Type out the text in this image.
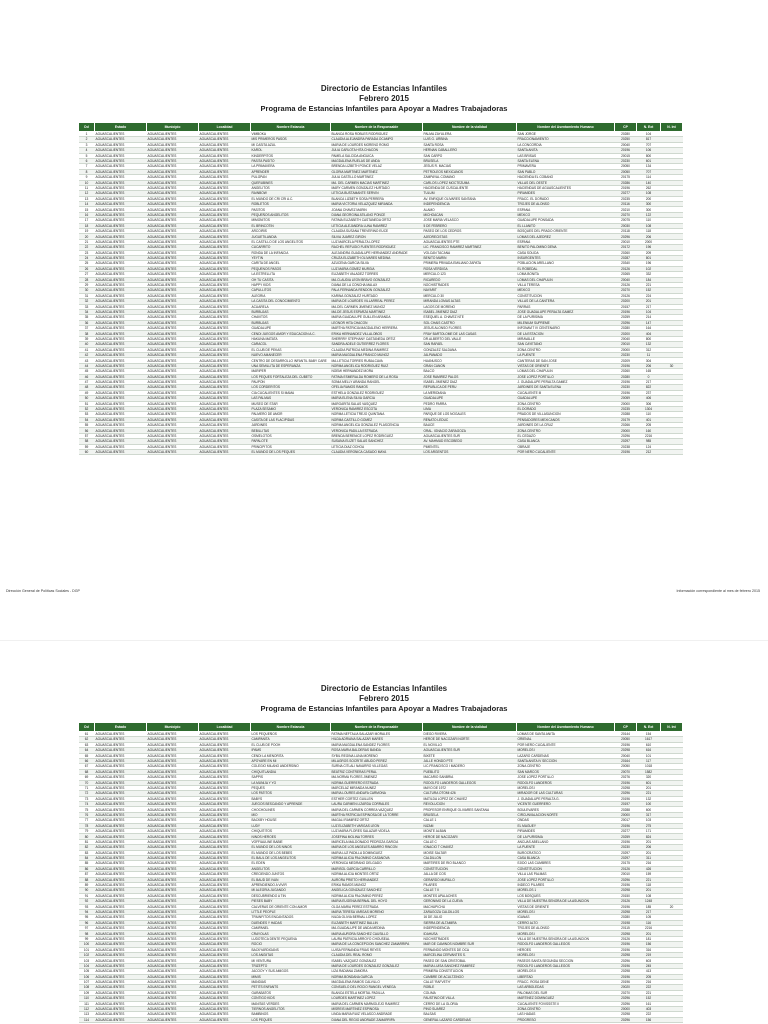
Directorio de Estancias Infantiles
Febrero 2015
Programa de Estancias Infantiles para Apoyar a Madres Trabajadoras
Cvl	Estado	Municipio	Localidad	Nombre Estancia	Nombre de la Responsable	Nombre de la vialidad	Nombre del Asentamiento Humano	CP	N. Ext	N. Int
1	AGUASCALIENTES	AGUASCALIENTES	AGUASCALIENTES	VIMBOKA	BLANCA ROSA ROBLES RODRIGUEZ	PALMA ZAYULERA	SAN JORGE	20280	104	
2	AGUASCALIENTES	AGUASCALIENTES	AGUASCALIENTES	MIS PRIMEROS PASOS	CLAUDIA ALEJANDRA PARADA OCAMPO	LUIS G. URBINA	FRACCIONAMIENTO	20250	817	
3	AGUASCALIENTES	AGUASCALIENTES	AGUASCALIENTES	MI CASITA AZUL	MARIA DE LOURDES MORENO ROMO	SANTA ROSA	LA CONCORDIA	20040	707	
4	AGUASCALIENTES	AGUASCALIENTES	AGUASCALIENTES	KAROL	JULIA CARLOTA HITA CHACON	HERNAN CABALLERO	SANTA ANITA	20196	106	
5	AGUASCALIENTES	AGUASCALIENTES	AGUASCALIENTES	KINDERPITOS	PAMELA SALCIDA ANGUICA	SAN CARPO	LAS BRISAS	20015	800	
6	AGUASCALIENTES	AGUASCALIENTES	AGUASCALIENTES	PASITA PASITO	MAGDALENA RUELAS DE ANDA	BRUSELA	SANTA ELENA	20230	601	
7	AGUASCALIENTES	AGUASCALIENTES	AGUASCALIENTES	LA PRIMAVERA	BRENDA LIZBETH PONCE VELAZ	JESUS R. MACIAS	PRIMAVERA	20050	134	
8	AGUASCALIENTES	AGUASCALIENTES	AGUASCALIENTES	APRENDER	GLORIA MARTINEZ MARTINEZ	PETROLEOS MEXICANOS	SAN PABLO	20050	707	
9	AGUASCALIENTES	AGUASCALIENTES	AGUASCALIENTES	PULGPAN	JULIA CASTILLO MARTINEZ	ZAMPAYAL COMANO	HACIENDA EL COBANO	20175	114	
10	AGUASCALIENTES	AGUASCALIENTES	AGUASCALIENTES	QUERUBINES	MA. DEL CARMEN MACIAS MARTINEZ	CARLOS LOPEZ MOCTEZUMA	VILLAS DEL OESTE	20286	140	
11	AGUASCALIENTES	AGUASCALIENTES	AGUASCALIENTES	ANGELITOS	MARY CARMEN GONZALEZ HURTADO	HACIENDA DE CUSCALIENTE	HACIENDAS DE AGUASCALIENTES	20196	262	
12	AGUASCALIENTES	AGUASCALIENTES	AGUASCALIENTES	RAINBOW	LETICIA BUSTAMANTE SERVIN	TULUM	PIRAMIDES	20277	108	
13	AGUASCALIENTES	AGUASCALIENTES	AGUASCALIENTES	EL MUNDO DE CRI CRI A.C.	BLANCA LIZBETH SOSA PERRERA	AV. ENRIQUE OLIVARES SANTANA	FRACC. EL DORADO	20235	200	
14	AGUASCALIENTES	AGUASCALIENTES	AGUASCALIENTES	ROBLETOS	MARIA VICTORIA VELAZQUEZ MIRANDA	INDEPENDENCIA	TROJES DE ALONSO	20116	300	
15	AGUASCALIENTES	AGUASCALIENTES	AGUASCALIENTES	PASITOS	JOANA CHAVEZ MARIN	ALAMO	ESPANA	20210	300	
16	AGUASCALIENTES	AGUASCALIENTES	AGUASCALIENTES	PEQUEÑOS ANGELITOS	DIANA GEORGINA ATILANO PONCE	MICHOACAN	MEXICO	20270	122	
17	AGUASCALIENTES	AGUASCALIENTES	AGUASCALIENTES	MIMONITOS	FATIMA ELIZABETH CASTANEDA ORTIZ	JOSE MARIA VELASCO	GUADALUPE PONSADA	20075	110	
18	AGUASCALIENTES	AGUASCALIENTES	AGUASCALIENTES	EL BRINCOTIN	LETICIA ALEJANDRA LUNA RAMIREZ	5 DE FEBRERO	EL LLANITO	20030	108	
19	AGUASCALIENTES	AGUASCALIENTES	AGUASCALIENTES	ARCOIRIS	CLAUDIA SUSANA TREVERINO EUCE	PASEO DE LOS CEDROS	BOSQUES DEL PRADO ORIENTE	20118	118	
20	AGUASCALIENTES	AGUASCALIENTES	AGUASCALIENTES	JUGUETILANDIA	SILVIA JUAREZ GIRON	AJEDRECISTAS	LOMAS DEL AJEDREZ	20296	206	
21	AGUASCALIENTES	AGUASCALIENTES	AGUASCALIENTES	EL CASTILLO DE LOS ANGELITOS	LUZ MARCELA PERALTA LOPEZ	AGUASCALIENTES PTE	ESPANA	20010	2000	
22	AGUASCALIENTES	AGUASCALIENTES	AGUASCALIENTES	CUCARRITO	RACHEL REFUGIO FUENTES RODRIGUEZ	LIC. FRANCISCO RAMIREZ MARTINEZ	BENITO PALOMINO DENA	20172	196	
23	AGUASCALIENTES	AGUASCALIENTES	AGUASCALIENTES	RONDA DE LA INFANCIA	ALEJANDRA GUADALUPE HERNANDEZ ANDRADE	VOLCAN TACANA	CASA SOLIDA	20260	209	
24	AGUASCALIENTES	AGUASCALIENTES	AGUASCALIENTES	YEYTIN	CRUZA ELIZABETH OLIVARES MEDINA	BENITO MARIN	INSURGENTES	20287	801	
25	AGUASCALIENTES	AGUASCALIENTES	AGUASCALIENTES	CARITA DE ANGEL	AZUCENA GARCIA SILVA	PRIMERA PRIVADA EMILIANO ZAPATA	POBLACION ARELLANO	20340	196	
26	AGUASCALIENTES	AGUASCALIENTES	AGUASCALIENTES	PEQUENOS PASOS	LUZ MARIA GOMEZ MURGIA	ROSA VERDIGA	EL ROBEDAL	20126	102	
27	AGUASCALIENTES	AGUASCALIENTES	AGUASCALIENTES	LA ESTRELLITA	ELIZABETH VALADEZ TORRES	MERCULO 123	LOMA BONITA	20265	332	
28	AGUASCALIENTES	AGUASCALIENTES	AGUASCALIENTES	OH TU CASITA	MA.CLAUDIA LEON BRAVO GONZALEZ	RICAREDO	LOMAS DEL CHAPULIN	20040	184	
29	AGUASCALIENTES	AGUASCALIENTES	AGUASCALIENTES	HAPPY KIDS	DIANA DE LA CONCHA MALAX	NOCHISTRADES	VILLA TERESA	20126	221	
30	AGUASCALIENTES	AGUASCALIENTES	AGUASCALIENTES	CAPULLITOS	PALA FERNANDA RENDON GONZALEZ	NAYARIT	MEXICO	20270	152	
31	AGUASCALIENTES	AGUASCALIENTES	AGUASCALIENTES	ALEGRIA	KARINA GONZALEZ HURTADO	MERCULO 30	CONSTITUCION	20126	224	
32	AGUASCALIENTES	AGUASCALIENTES	AGUASCALIENTES	LA CASITA DEL CONOCIMIENTO	MARIA DE LOURDES VILLARREAL PEREZ	MIRANDA LOMAS ALTAS	VILLAS DE LA CANTERA	20200	201	
33	AGUASCALIENTES	AGUASCALIENTES	AGUASCALIENTES	ACUARELA	MA.DEL CARMEN JIMENEZ MUNOZ	LAGOS DE MORENO	PARRAS	20157	217	
34	AGUASCALIENTES	AGUASCALIENTES	AGUASCALIENTES	BURBUJAS	MA.DE JESUS ESPARZA MARTINEZ	ISABEL JIMENEZ DIAZ	JOSE GUADALUPE PERALTA GAMEZ	20196	104	
35	AGUASCALIENTES	AGUASCALIENTES	AGUASCALIENTES	CHAVITOS	MARIA GUADALUPE GUILLEN ARANDA	ESEQUIEL A. CHAVEZ NTE	DE LA PURISIMA	20259	214	
36	AGUASCALIENTES	AGUASCALIENTES	AGUASCALIENTES	BURBUJAS	LEONOR HITA CHACON	SOL CHAIS CASTRO	MILENIUM SUPREME	20296	147	
37	AGUASCALIENTES	AGUASCALIENTES	AGUASCALIENTES	GUADALUPE	MARTHA PATRICIA MAGDALENO HERRERA	JESUS ALONSO FLORES	INFONAVIT IV CENTENARIO	20280	164	
38	AGUASCALIENTES	AGUASCALIENTES	AGUASCALIENTES	CENDI JUEGOS AMOR Y EDUCACION A.C.	ERIKA HERNANDEZ VILLALOBOS	FRAY BARTOLOME DE LAS CASAS	DE LA ESTACION	20200	404	
39	AGUASCALIENTES	AGUASCALIENTES	AGUASCALIENTES	HAKUNA MATATA	SHERRRY STEPHANY CASTANEDA ORTIZ	DR.ALBERTO DEL VALLE	MIRAVALLE	20040	800	
40	AGUASCALIENTES	AGUASCALIENTES	AGUASCALIENTES	CARACOL	SANDRA ADELE GUTIERREZ FLORES	SAN RAFAEL	SAN CAYETANO	20010	132	
41	AGUASCALIENTES	AGUASCALIENTES	AGUASCALIENTES	EL CLUB DE PEKAS	CLAUDIA PATRICIA MEDINA RAMIREZ	GONZALEZ SALDANA	ZONA CENTRO	20000	312	
42	AGUASCALIENTES	AGUASCALIENTES	AGUASCALIENTES	NUEVO AMANECER	MARIA MAGDALENA FRANCO MUNOZ	JALPANADO	LA PUENTE	20230	11	
43	AGUASCALIENTES	AGUASCALIENTES	AGUASCALIENTES	CENTRO DE DESARROLLO INFANTIL BABY CARE	MA.LETICIA TORRES RUBALCAVA	HUANUSCO	CANTERAS DE SAN JOSE	20209	304	
44	AGUASCALIENTES	AGUASCALIENTES	AGUASCALIENTES	UNA SEMILLITA DE ESPERANZA	NORMA ANGELICA RODRIGUEZ RUIZ	GRAN CANON	VISTAS DE ORIENTE	20196	206	30
45	AGUASCALIENTES	AGUASCALIENTES	AGUASCALIENTES	MARIPER	NOEMI HERNANDEZ MORA	BALCO	LOMAS DEL CHAPULIN	20260	165	
46	AGUASCALIENTES	AGUASCALIENTES	AGUASCALIENTES	LOS PEQUES FORTALEZA DEL CUBETO	FATIMA ESMERALDA ROMERO DE LA ROSA	JOSE RAMIREZ PALOS	JOSE LOPEZ PORTILLO	20280	0	
47	AGUASCALIENTES	AGUASCALIENTES	AGUASCALIENTES	PAUPON	SONIA MELLY ARANDA RANGEL	ISABEL JIMENEZ DIAZ	J. GUADALUPE PERALTA GAMEZ	20196	217	
48	AGUASCALIENTES	AGUASCALIENTES	AGUASCALIENTES	LOS CORDERITOS	OFELIA RAMOS RAMOS	REPUBLICA DE PERU	JARDINES DE SANTA ELENA	20230	822	
49	AGUASCALIENTES	AGUASCALIENTES	AGUASCALIENTES	CIA CUCALIENTES SI MAMA	ESTHELA GONZALEZ RODRIGUEZ	LA MERIDIANA	CUCALIENTE III	20196	237	
50	AGUASCALIENTES	AGUASCALIENTES	AGUASCALIENTES	LAS PALMAS	MARIA ELENA SILVA GARCIA	GUADALUPE	GUADALUPE	20059	406	
51	AGUASCALIENTES	AGUASCALIENTES	AGUASCALIENTES	MUSEO DE STAR	MARGARITA SALAS VASQUEZ	PEDRO PARRA	ZONA CENTRO	20000	306	
52	AGUASCALIENTES	AGUASCALIENTES	AGUASCALIENTES	PLAZA SESAMO	VERONICA RAMIREZ ESCOTA	LIMA	EL DORADO	20235	1304	
53	AGUASCALIENTES	AGUASCALIENTES	AGUASCALIENTES	PALMERO DE AMOR	NORMA LETICIA TREJO QUINTANA	PARQUE DE LOS NOGALES	PRADOS DE VILLASUNCION	20288	110	
54	AGUASCALIENTES	AGUASCALIENTES	AGUASCALIENTES	CASITA DE LAS FLACIPIDAS	NORMA CASTILLO GOMEZ	RENATO LEDUC	PENSADORES MEXICANOS	20179	401	
55	AGUASCALIENTES	AGUASCALIENTES	AGUASCALIENTES	JARDINES	NORMA ANGELICA GONZALEZ PLASCENCIA	BAUCE	JARDINES DE LA CRUZ	20266	205	
56	AGUASCALIENTES	AGUASCALIENTES	AGUASCALIENTES	BEBILLITAS	VERONICA PADILLA ESTRADA	ORAL. IGNACIO ZARAGOZA	ZONA CENTRO	20000	160	
57	AGUASCALIENTES	AGUASCALIENTES	AGUASCALIENTES	OSMELOTOS	BRENDA BERENICE LOPEZ RODRIGUEZ	AGUASCALIENTES SUR	EL CEDAZO	20296	2216	
58	AGUASCALIENTES	AGUASCALIENTES	AGUASCALIENTES	PAPALOTE	SUSANA ELIZET SALAS SANCHEZ	AV. MAHMUD ESCOBEDO	CASA BLANCA	20297	985	
59	AGUASCALIENTES	AGUASCALIENTES	AGUASCALIENTES	PRINCIPITOS	LETICIA DIAZ OCHOA	PIMENTEL	OBRAJE	20238	124	
60	AGUASCALIENTES	AGUASCALIENTES	AGUASCALIENTES	EL MUNDO DE LOS PEQUES	CLAUDIA VERONICA CASADO MAYA	LOS ARGENTOS	POR NERO CUCALIENTE	20196	212	
Dirección General de Políticas Sociales - DGP	Información correspondiente al mes de febrero 2015
Directorio de Estancias Infantiles
Febrero 2015
Programa de Estancias Infantiles para Apoyar a Madres Trabajadoras
Cvl	Estado	Municipio	Localidad	Nombre Estancia	Nombre de la Responsable	Nombre de la vialidad	Nombre del Asentamiento Humano	CP	N. Ext	N. Int
61	AGUASCALIENTES	AGUASCALIENTES	AGUASCALIENTES	LOS PEQUEÑOS	FATIMA NEFTALIA SALAZAR MORALES	DIEGO RIVERA	LOMAS DE SANTA ANITA	20144	154	
62	AGUASCALIENTES	AGUASCALIENTES	AGUASCALIENTES	CAMPANITA	HILDA ADRIANA SALAZAR MARES	HEROE DE NACOZARI NORTE	ORIENAL	20050	1617	
63	AGUASCALIENTES	AGUASCALIENTES	AGUASCALIENTES	EL CLUB DE POOH	MARIA MAGDALENA SANDEZ FLORES	EL NOVILLO	POR NERO CUCALIENTE	20196	610	
64	AGUASCALIENTES	AGUASCALIENTES	AGUASCALIENTES	IPAMS	ROSA MARIA BALDERAS BANDA	AGUASCALIENTES SUR	MORELOS I	20298	616	
65	AGUASCALIENTES	AGUASCALIENTES	AGUASCALIENTES	CENDI LA MENORITA	SYBIL REGINA LUNA MORENO	BIXETE	LAZARO CARDENAS	20040	101	
66	AGUASCALIENTES	AGUASCALIENTES	AGUASCALIENTES	APOYARE EN MI	MILAGROS SOCRITE ABUDO PEREZ	JALLE HONDO PTE	SANTA ANITA IV SECCION	20164	117	
67	AGUASCALIENTES	AGUASCALIENTES	AGUASCALIENTES	COLEGIO MILANO ANDERSINO	SURNA CITLALI NAVARRO VILLEGAS	LIC.FRANCISCO I MADERO	ZONA CENTRO	20050	1018	
68	AGUASCALIENTES	AGUASCALIENTES	AGUASCALIENTES	CHIQUITLANDIA	BEATRIZ CONTRERAS PERAL	PUEBLITO	SAN MARCOS	20070	1582	
69	AGUASCALIENTES	AGUASCALIENTES	AGUASCALIENTES	SAPPIS	MA.NORMA FLORES JIMENEZ	MACARIO SANBRIA	JOSE LOPEZ PORTILLO	20276	320	
70	AGUASCALIENTES	AGUASCALIENTES	AGUASCALIENTES	LA MUNIJA Y YO	NORMA GUERRERO ESTRADA	RODOLFO LANDEROS GALLEGOS	RODOLFO LANDEROS	20196	601	
71	AGUASCALIENTES	AGUASCALIENTES	AGUASCALIENTES	PEQUES	MARCELAZ MIRANDA NUNEZ	MAYO DE 1972	MORELOS I	20298	201	
72	AGUASCALIENTES	AGUASCALIENTES	AGUASCALIENTES	LOS PATITOS	MARIA LOURES ANDAFA CARMONA	CULTURA OTOMI 426	MIRADOR DE LAS CULTURAS	20296	221	
73	AGUASCALIENTES	AGUASCALIENTES	AGUASCALIENTES	BABYS	ESTHER CORTEZ GUILLEN	MATILDA LOPEZ DE CHAVEZ	J. GUADALUPE PERALTA G.	20196	132	
74	AGUASCALIENTES	AGUASCALIENTES	AGUASCALIENTES	JUEGOS BESCANDO Y APRENDE	LAURA CARMEN LIZARDA CORRALES	REVOLUCION	VICENTE GUERRERO	20197	100	
75	AGUASCALIENTES	AGUASCALIENTES	AGUASCALIENTES	CHOCHOLINES	MARIA DEL CARMEN CORREA VAZQUEZ	PROFESOR ENRIQUE OLIVARES SANTANA	BOULEVARES	20288	600	
76	AGUASCALIENTES	AGUASCALIENTES	AGUASCALIENTES	MIO	MARTHA PATRICIA ESPINOSA DE LA TORRE	BRUSELA	CIRCUNVALACION NORTE	20000	317	
77	AGUASCALIENTES	AGUASCALIENTES	AGUASCALIENTES	BACKBY HOUSE	MAGALI RAMIREZ ORTIZ	CALLE 1	ONDAS	20017	103	
78	AGUASCALIENTES	AGUASCALIENTES	AGUASCALIENTES	LUDY	LUZ ELIZABETH VARGAS LEON	NIZAM	EL MAGUEY	20196	275	
79	AGUASCALIENTES	AGUASCALIENTES	AGUASCALIENTES	CHIQUITITOS	LUZ MARIA FLORES SALAZAR VIDELA	MONTE ALBAN	PIRAMIDES	20277	171	
80	AGUASCALIENTES	AGUASCALIENTES	AGUASCALIENTES	NINOS HEROES	JOSEFINA MOLINA TORRES	HEROE DE NACOZARI	DE LA PURISIMA	20259	824	
81	AGUASCALIENTES	AGUASCALIENTES	AGUASCALIENTES	VOFFIAULINE BABIE	MARICELA MALDONADO PEDROZA GARCIA	CALLE C	ANCUAS ABELLANO	20196	201	
82	AGUASCALIENTES	AGUASCALIENTES	AGUASCALIENTES	EL MUNDO DE LOS NINOS	MARIA DE LOS ANGELES ABARRO RINCON	IGNACIO T CHAVEZ	LA PUENTE	20230	206	
83	AGUASCALIENTES	AGUASCALIENTES	AGUASCALIENTES	EL MUNDO DE LOS BEBES	MARIA LUZ PADILLA DOMINGUEZ	MOISE SALTAR	BUROCRATICO	20297	201	
84	AGUASCALIENTES	AGUASCALIENTES	AGUASCALIENTES	EL BAUL DE LOS ANGELITOS	NORMA ALICIA PALOMINO CASANOVA	CALDILLON	CASA BLANCA	20297	311	
85	AGUASCALIENTES	AGUASCALIENTES	AGUASCALIENTES	EL EDEN	VERONICA MEDRANO DELGADO	MARTIRES DE RIO BLANCO	EJIDO LAS CUMBRES	20175	216	
86	AGUASCALIENTES	AGUASCALIENTES	AGUASCALIENTES	ANGELITOS	MARISOL GARCIA CARRILLO	CONSTITUCION	CONSTITUCION	20126	426	
87	AGUASCALIENTES	AGUASCALIENTES	AGUASCALIENTES	CRECIENDO JUNTOS	NORMA ALICIA MONTES ORTIZ	JALLA DE COS	VILLA LAS PALMAS	20010	159	
88	AGUASCALIENTES	AGUASCALIENTES	AGUASCALIENTES	EL BAUD DE IVAN	AURORA PRIETO HERNANDEZ	GERARDO MURILLO	JOSE LOPEZ PORTILLO	20296	221	
89	AGUASCALIENTES	AGUASCALIENTES	AGUASCALIENTES	APRENDIENDO A VIVIR	ERIKA RAMOS MUNOZ	PILARES	INDECO PILARES	20196	118	
90	AGUASCALIENTES	AGUASCALIENTES	AGUASCALIENTES	MI ALEGRIA JUGANDO	ANGELICA GONZALEZ SANCHEZ	CALLE 7 II	MORELOS 1	20298	201	
91	AGUASCALIENTES	AGUASCALIENTES	AGUASCALIENTES	DESCUBRIENDO A TIN	NORMA ALICIA PALOMINO PEREZ	MONTES APALACHES	LOS BOSQUES	20150	108	
92	AGUASCALIENTES	AGUASCALIENTES	AGUASCALIENTES	PIESES BABY	MARIA EUGENIA BERNAL DEL HOYO	GERONIMO DE LA CUEVA	VILLA DE NUESTRA SENORA DE LA ASUNCION	20126	1248	
93	AGUASCALIENTES	AGUASCALIENTES	AGUASCALIENTES	CALVERAS DE ORIENTE CON AMOR	OLGA MARIA PEREZ ESTRADA	MACHUPICHU	VISTAS DE ORIENTE	20196	185	20
94	AGUASCALIENTES	AGUASCALIENTES	AGUASCALIENTES	LITTLE PEOPLE	MARIA TERESA VARGAS MORENO	ZARAGOZA CALDILLOS	MORELOS I	20298	217	
95	AGUASCALIENTES	AGUASCALIENTES	AGUASCALIENTES	TRIUNFITOS ENCANTADOS	NILDA OLIVIA BERNAL LOPEZ	16 DE JULIO	IGANAS	20280	105	
96	AGUASCALIENTES	AGUASCALIENTES	AGUASCALIENTES	DUENDES Y HADAS	ELIZABETH MARTINEZ BALLIN	SIERRA DE ALTAMIRA	CERRO ALTO	20198	116	
97	AGUASCALIENTES	AGUASCALIENTES	AGUASCALIENTES	CAMPANEL	MA.GUADALUPE DE ANDA MEDINA	INDEPENDENCIA	TROJES DE ALONSO	20115	2216	
98	AGUASCALIENTES	AGUASCALIENTES	AGUASCALIENTES	CRAYOLAS	MARIA AURORA SANCHEZ CAUSILLO	IDAHUSA	MORELOS I	20298	201	
99	AGUASCALIENTES	AGUASCALIENTES	AGUASCALIENTES	LUDOTECA DENTE PEQUENA	LAURA PATRICIA ARROYO CHOUSEAL	NOCHISTRADES	VILLA DE NUESTRA SENORA DE LA ASUNCION	20126	181	
100	AGUASCALIENTES	AGUASCALIENTES	AGUASCALIENTES	ROCIO	MARIA DE LA CONCEPCION SANCHEZ ZAMARRIPA	MAR DE CAMINOS NOMBRE SUR	RODOLFO LANDEROS GALLEGOS	20196	156	
101	AGUASCALIENTES	AGUASCALIENTES	AGUASCALIENTES	BACKYARDIGANS	LUISA FERNANDA FRIAS REYES	FERNANDO MONTES DE OCA	HEROES	20196	316	
102	AGUASCALIENTES	AGUASCALIENTES	AGUASCALIENTES	LOS ANGIITAS	CLAUDIA DEL REAL ROMO	MARCELINA CERVANTES S.	MORELOS I	20298	219	
103	AGUASCALIENTES	AGUASCALIENTES	AGUASCALIENTES	MI VENTURA	ISABEL VAZQUEZ GONZALEZ	PASEO DE SAN CRISTOBAL	PASEOS SANTA SEGUNDA SECCION	20296	603	
104	AGUASCALIENTES	AGUASCALIENTES	AGUASCALIENTES	TRIZEPTO	MARIA DE LOURDES GONZALEZ GONZALEZ	MARIA LUISA SANCHEZ RAMIREZ	RODOLFO LANDEROS GALLEGOS	20196	245	
105	AGUASCALIENTES	AGUASCALIENTES	AGUASCALIENTES	JACOOY Y SUS AMIGOS	LIZA RADIANA ZAMORA	PRIMERA CONSTITUCION	MORELOS II	20298	413	
106	AGUASCALIENTES	AGUASCALIENTES	AGUASCALIENTES	MIMIS	NORMA BONDANA GARCIA	CUMBRE DE ACULTZINGO	LIBERTAD	20196	205	
107	AGUASCALIENTES	AGUASCALIENTES	AGUASCALIENTES	MANDIAS	MAGDALENA RAMOS CALVILLO	CALLE 'RAFVETH'	FRACC. ROSA DENE	20196	216	
108	AGUASCALIENTES	AGUASCALIENTES	AGUASCALIENTES	PETITS ENFANTS	CONSUELO DEL ROCIO RANGEL VENEGA	ROBLE	LAS ARBOLEDAS	20020	222	
109	AGUASCALIENTES	AGUASCALIENTES	AGUASCALIENTES	GARABATOS	BLANCA ESTELA MORTAL PADILLA	COLIMA	PALOMAS DEL SUR	20270	221	
110	AGUASCALIENTES	AGUASCALIENTES	AGUASCALIENTES	CONTIGO KIDS	LOURDES MARTINEZ LOPEZ	FAUSTINO DE VILLA	MARTINEZ DOMINGUEZ	20296	152	
111	AGUASCALIENTES	AGUASCALIENTES	AGUASCALIENTES	MANITAS VERDES	MARIA DEL CARMEN MARMOLEJO RAMIREZ	CERRO DE LA GLORIA	CUCALIENTE FOVISSSTE II	20296	161	
112	AGUASCALIENTES	AGUASCALIENTES	AGUASCALIENTES	TIERNOS ANGELITOS	MISREIS MARTINEZ ESPINOSA	PINO SUAREZ	ZONA CENTRO	20000	403	
113	AGUASCALIENTES	AGUASCALIENTES	AGUASCALIENTES	BAMBINOS	LINDA MARIA RUIZ VELASCO ANDRADE	BALSAS	LAS HADAS	20298	222	
114	AGUASCALIENTES	AGUASCALIENTES	AGUASCALIENTES	LOS PEQUES	DIANA DEL REGIO ANDRADE ZAMARRIPA	GENERAL LAZARO CARDENAS	PROGRESO	20296	156	
